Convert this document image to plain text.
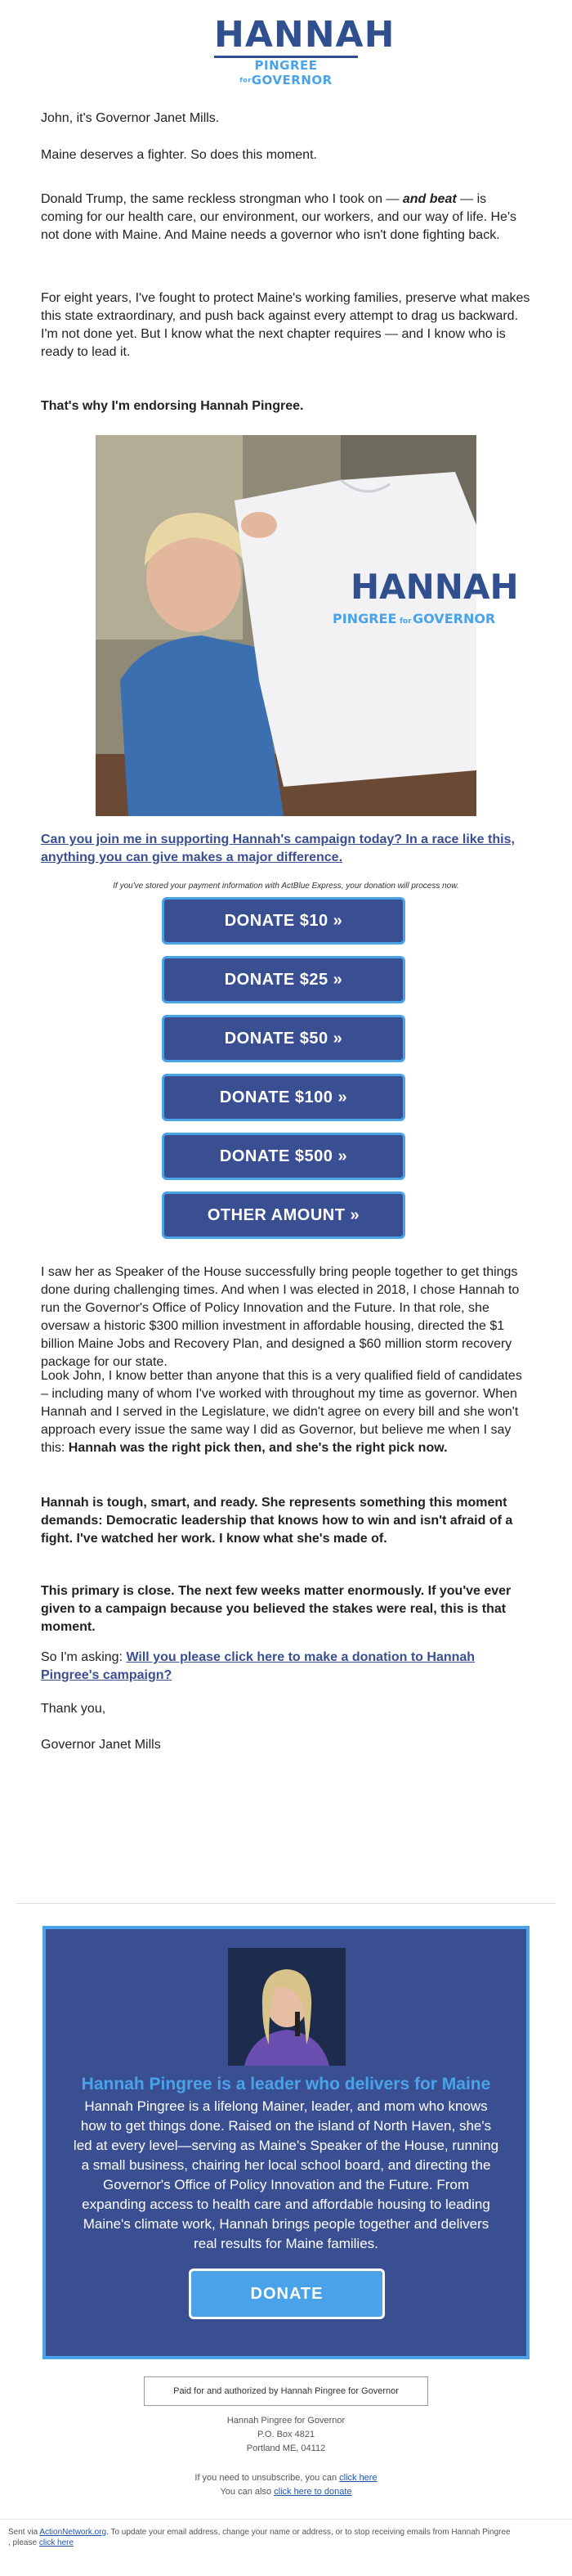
HANNAH
PINGREE forGOVERNOR

John, it's Governor Janet Mills.

Maine deserves a fighter. So does this moment.

Donald Trump, the same reckless strongman who I took on — and beat — is coming for our health care, our environment, our workers, and our way of life. He's not done with Maine. And Maine needs a governor who isn't done fighting back.

For eight years, I've fought to protect Maine's working families, preserve what makes this state extraordinary, and push back against every attempt to drag us backward. I'm not done yet. But I know what the next chapter requires — and I know who is ready to lead it.

That's why I'm endorsing Hannah Pingree.

HANNAH
PINGREE for GOVERNOR

Can you join me in supporting Hannah's campaign today? In a race like this, anything you can give makes a major difference.

If you've stored your payment information with ActBlue Express, your donation will process now.
DONATE $10 »
DONATE $25 »
DONATE $50 »
DONATE $100 »
DONATE $500 »
OTHER AMOUNT »

I saw her as Speaker of the House successfully bring people together to get things done during challenging times. And when I was elected in 2018, I chose Hannah to run the Governor's Office of Policy Innovation and the Future. In that role, she oversaw a historic $300 million investment in affordable housing, directed the $1 billion Maine Jobs and Recovery Plan, and designed a $60 million storm recovery package for our state.

Look John, I know better than anyone that this is a very qualified field of candidates – including many of whom I've worked with throughout my time as governor. When Hannah and I served in the Legislature, we didn't agree on every bill and she won't approach every issue the same way I did as Governor, but believe me when I say this: Hannah was the right pick then, and she's the right pick now.

Hannah is tough, smart, and ready. She represents something this moment demands: Democratic leadership that knows how to win and isn't afraid of a fight. I've watched her work. I know what she's made of.

This primary is close. The next few weeks matter enormously. If you've ever given to a campaign because you believed the stakes were real, this is that moment.

So I'm asking: Will you please click here to make a donation to Hannah Pingree's campaign?

Thank you,

Governor Janet Mills

Hannah Pingree is a leader who delivers for Maine
Hannah Pingree is a lifelong Mainer, leader, and mom who knows how to get things done. Raised on the island of North Haven, she's led at every level—serving as Maine's Speaker of the House, running a small business, chairing her local school board, and directing the Governor's Office of Policy Innovation and the Future. From expanding access to health care and affordable housing to leading Maine's climate work, Hannah brings people together and delivers real results for Maine families.
DONATE
Paid for and authorized by Hannah Pingree for Governor
Hannah Pingree for Governor
P.O. Box 4821
Portland ME, 04112
If you need to unsubscribe, you can click here
You can also click here to donate
Sent via ActionNetwork.org. To update your email address, change your name or address, or to stop receiving emails from Hannah Pingree
, please click here
